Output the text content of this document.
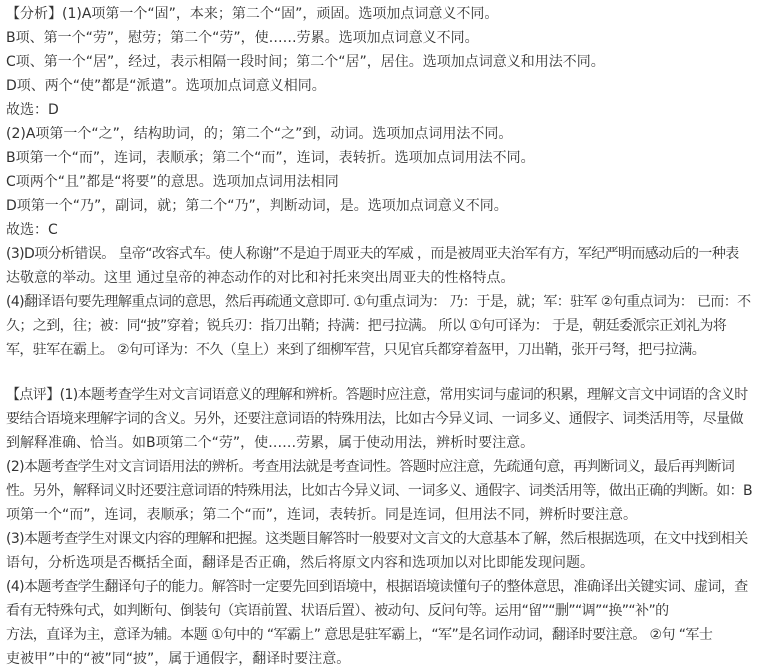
【分析】(1)A项第一个“固”，本来；第二个“固”，顽固。选项加点词意义不同。

B项、第一个“劳”，慰劳；第二个“劳”，使……劳累。选项加点词意义不同。

C项、第一个“居”，经过，表示相隔一段时间；第二个“居”，居住。选项加点词意义和用法不同。

D项、两个“使”都是“派遣”。选项加点词意义相同。

故选：D

(2)A项第一个“之”，结构助词，的；第二个“之”到，动词。选项加点词用法不同。

B项第一个“而”，连词，表顺承；第二个“而”，连词，表转折。选项加点词用法不同。

C项两个“且”都是“将要”的意思。选项加点词用法相同

D项第一个“乃”，副词，就；第二个“乃”，判断动词，是。选项加点词意义不同。

故选：C

(3)D项分析错误。 皇帝“改容式车。使人称谢”不是迫于周亚夫的军威 ，而是被周亚夫治军有方，军纪严明而感动后的一种表

达敬意的举动。这里 通过皇帝的神态动作的对比和衬托来突出周亚夫的性格特点。

(4)翻译语句要先理解重点词的意思，然后再疏通文意即可. ①句重点词为： 乃：于是，就；军：驻军 ②句重点词为： 已而：不

久；之到，往；被：同“披”穿着；锐兵刃：指刀出鞘；持满：把弓拉满。 所以 ①句可译为： 于是，朝廷委派宗正刘礼为将

军，驻军在霸上。 ②句可译为：不久（皇上）来到了细柳军营，只见官兵都穿着盔甲，刀出鞘，张开弓弩，把弓拉满。

【点评】(1)本题考查学生对文言词语意义的理解和辨析。答题时应注意，常用实词与虚词的积累，理解文言文中词语的含义时

要结合语境来理解字词的含义。另外，还要注意词语的特殊用法，比如古今异义词、一词多义、通假字、词类活用等，尽量做

到解释准确、恰当。如B项第二个“劳”，使……劳累，属于使动用法，辨析时要注意。

(2)本题考查学生对文言词语用法的辨析。考查用法就是考查词性。答题时应注意，先疏通句意，再判断词义，最后再判断词

性。另外，解释词义时还要注意词语的特殊用法，比如古今异义词、一词多义、通假字、词类活用等，做出正确的判断。如：B

项第一个“而”，连词，表顺承；第二个“而”，连词，表转折。同是连词，但用法不同，辨析时要注意。

(3)本题考查学生对课文内容的理解和把握。这类题目解答时一般要对文言文的大意基本了解，然后根据选项，在文中找到相关

语句，分析选项是否概括全面，翻译是否正确，然后将原文内容和选项加以对比即能发现问题。

(4)本题考查学生翻译句子的能力。解答时一定要先回到语境中，根据语境读懂句子的整体意思，准确译出关键实词、虚词，查

看有无特殊句式，如判断句、倒装句（宾语前置、状语后置）、被动句、反问句等。运用“留”“删”“调”“换”“补”的

方法，直译为主，意译为辅。本题 ①句中的 “军霸上” 意思是驻军霸上，“军”是名词作动词，翻译时要注意。 ②句 “军士

吏被甲”中的“被”同“披”，属于通假字，翻译时要注意。
